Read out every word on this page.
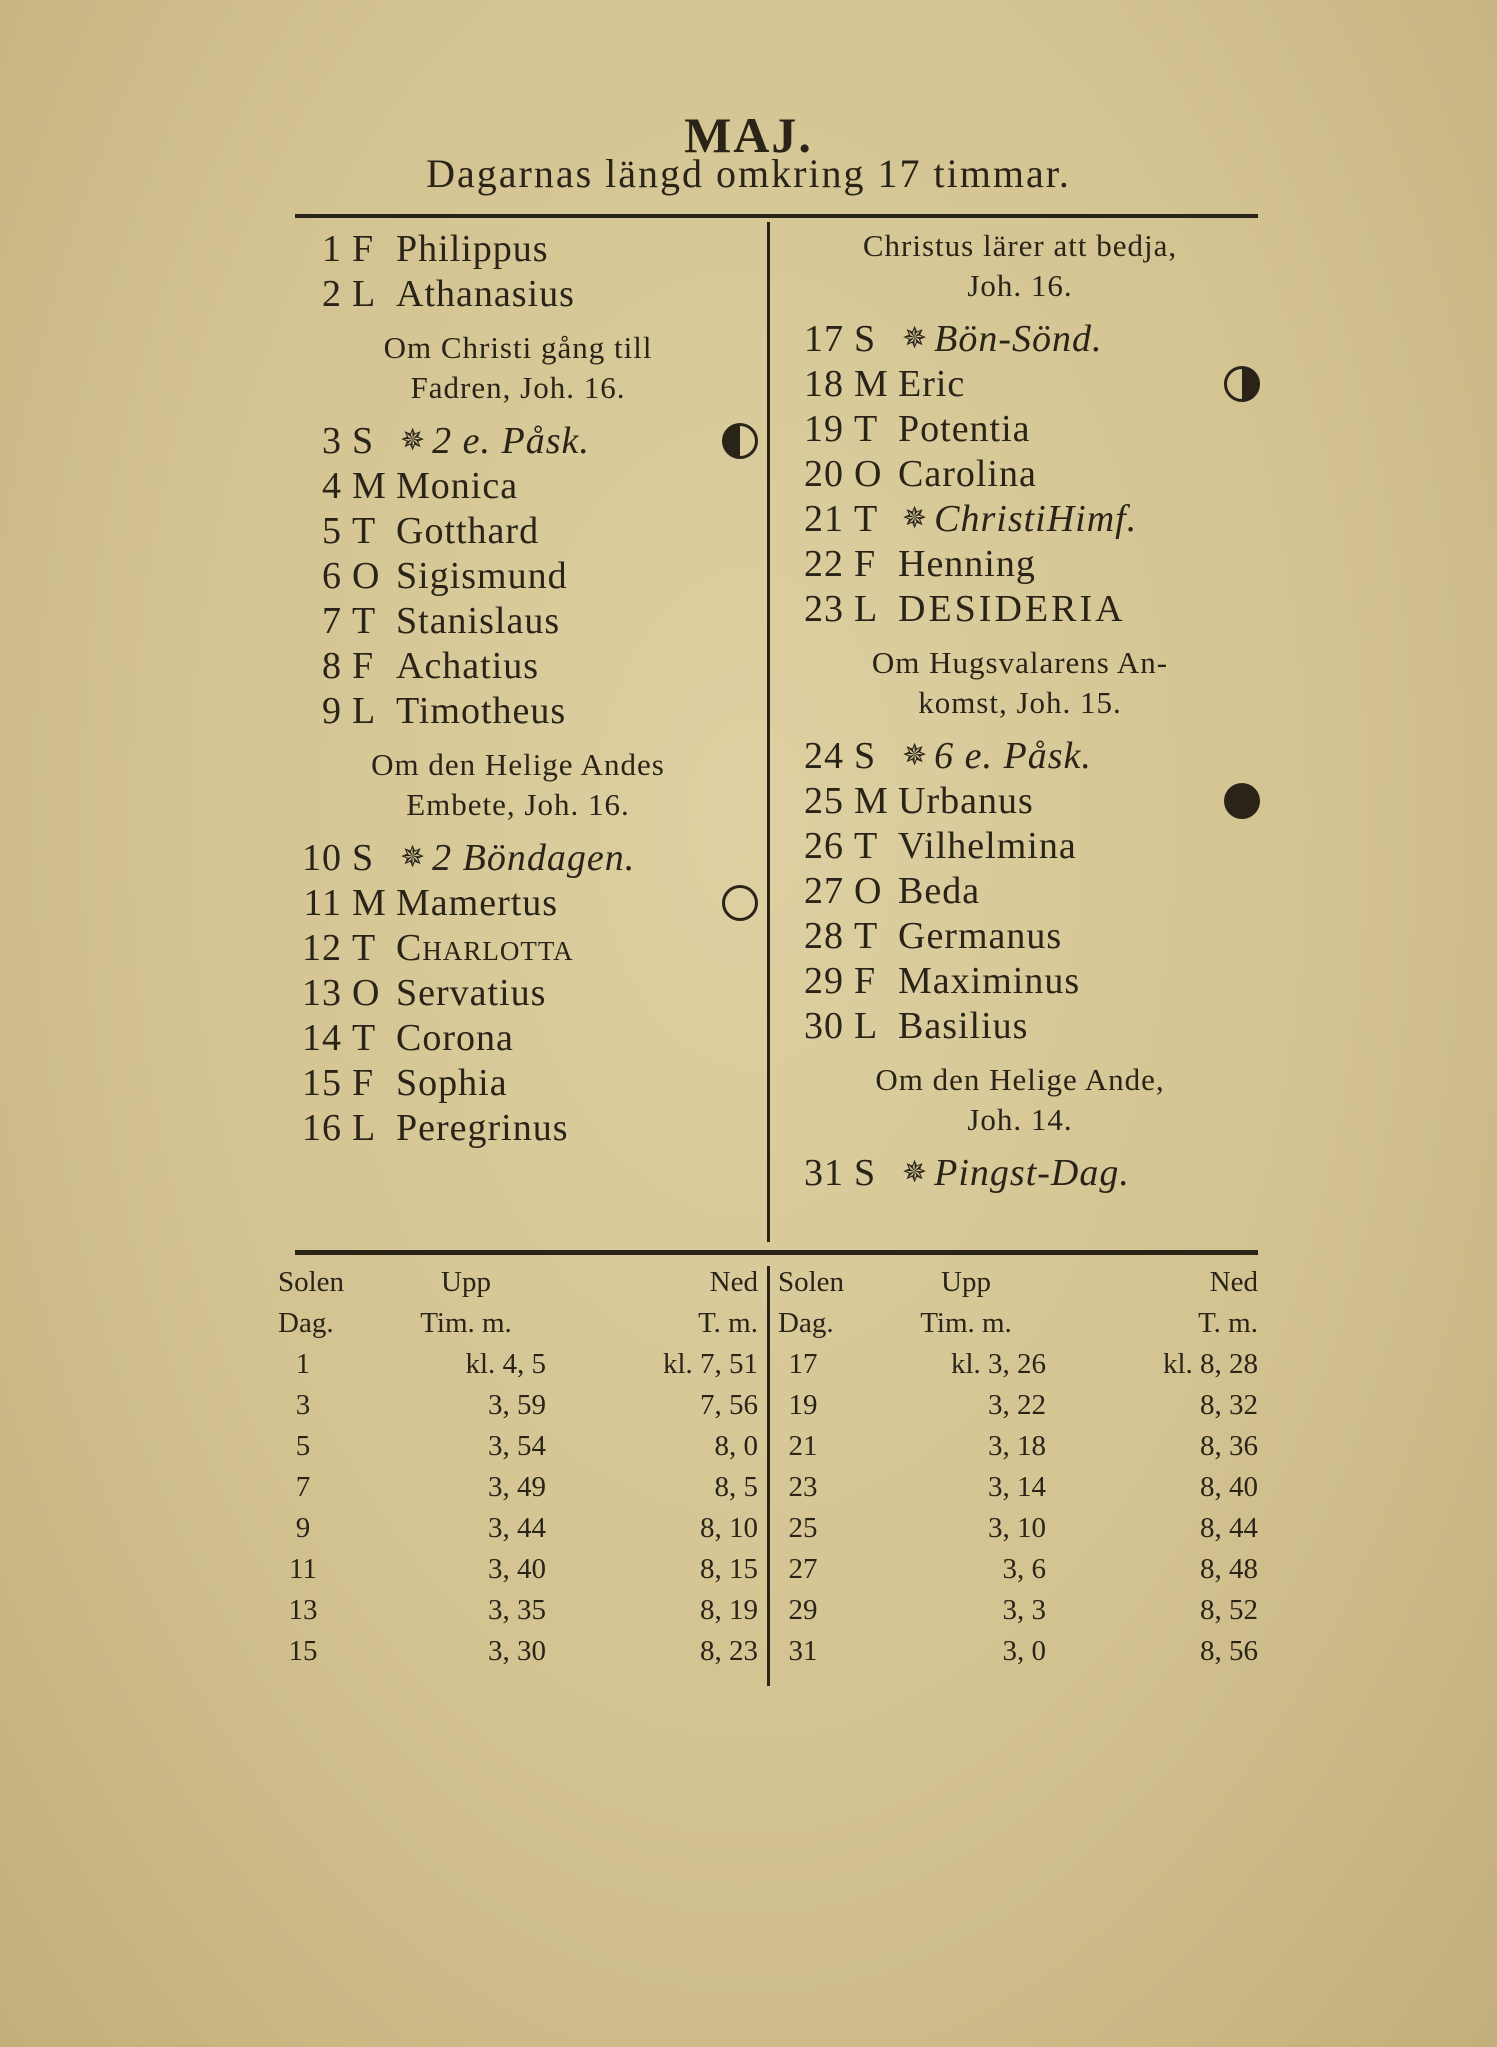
MAJ.
Dagarnas längd omkring 17 timmar.
1 F Philippus
2 L Athanasius
Om Christi gång till
Fadren, Joh. 16.
3 S ✵ 2 e. Påsk.
4 M Monica
5 T Gotthard
6 O Sigismund
7 T Stanislaus
8 F Achatius
9 L Timotheus
Om den Helige Andes
Embete, Joh. 16.
10 S ✵ 2 Böndagen.
11 M Mamertus
12 T Charlotta
13 O Servatius
14 T Corona
15 F Sophia
16 L Peregrinus
Christus lärer att bedja,
Joh. 16.
17 S ✵ Bön-Sönd.
18 M Eric
19 T Potentia
20 O Carolina
21 T ✵ ChristiHimf.
22 F Henning
23 L DESIDERIA
Om Hugsvalarens An-
komst, Joh. 15.
24 S ✵ 6 e. Påsk.
25 M Urbanus
26 T Vilhelmina
27 O Beda
28 T Germanus
29 F Maximinus
30 L Basilius
Om den Helige Ande,
Joh. 14.
31 S ✵ Pingst-Dag.
Solen	Upp	Ned
Dag.	Tim. m.	T. m.
1	kl. 4, 5	kl. 7, 51
3	3, 59	7, 56
5	3, 54	8, 0
7	3, 49	8, 5
9	3, 44	8, 10
11	3, 40	8, 15
13	3, 35	8, 19
15	3, 30	8, 23
Solen	Upp	Ned
Dag.	Tim. m.	T. m.
17	kl. 3, 26	kl. 8, 28
19	3, 22	8, 32
21	3, 18	8, 36
23	3, 14	8, 40
25	3, 10	8, 44
27	3, 6	8, 48
29	3, 3	8, 52
31	3, 0	8, 56
